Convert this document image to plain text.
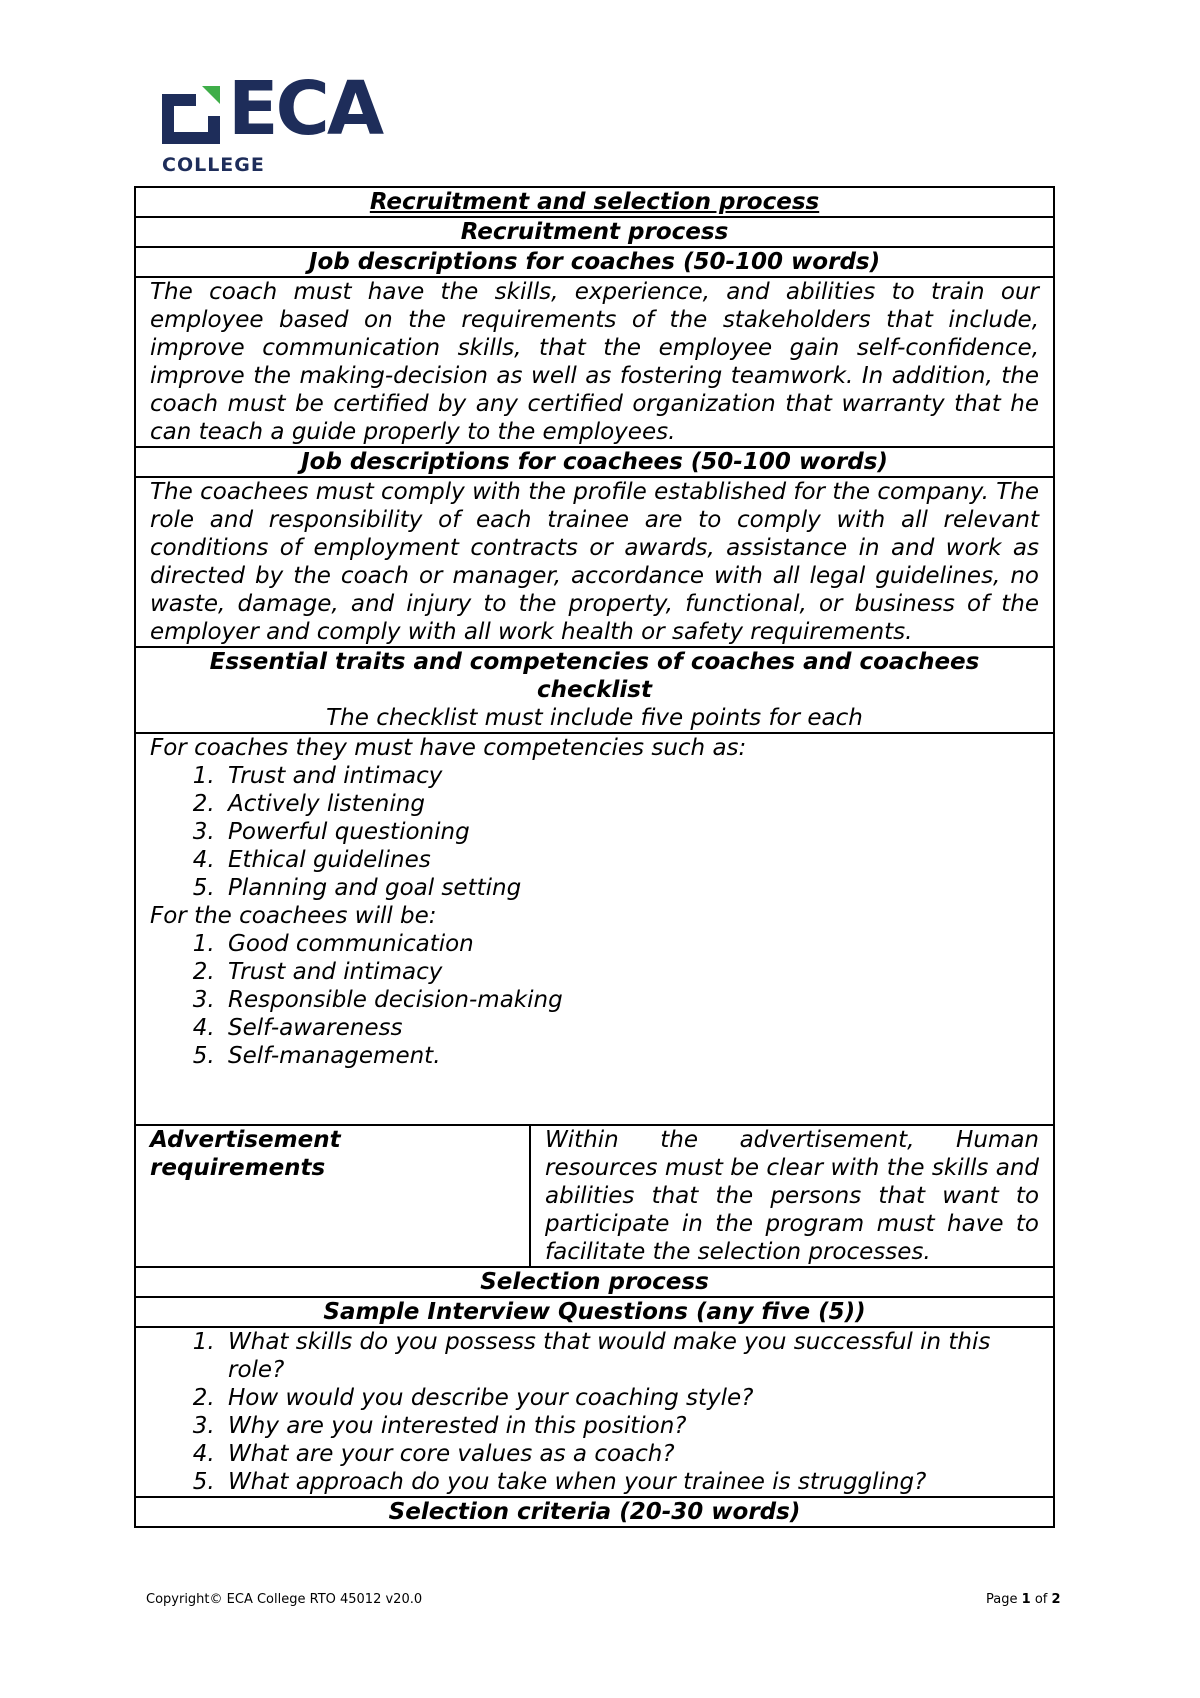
ECA
COLLEGE
Recruitment and selection process
Recruitment process
Job descriptions for coaches (50-100 words)
The coach must have the skills, experience, and abilities to train our employee based on the requirements of the stakeholders that include, improve communication skills, that the employee gain self-confidence, improve the making-decision as well as fostering teamwork. In addition, the coach must be certified by any certified organization that warranty that he can teach a guide properly to the employees.
Job descriptions for coachees (50-100 words)
The coachees must comply with the profile established for the company. The role and responsibility of each trainee are to comply with all relevant conditions of employment contracts or awards, assistance in and work as directed by the coach or manager, accordance with all legal guidelines, no waste, damage, and injury to the property, functional, or business of the employer and comply with all work health or safety requirements.

Essential traits and competencies of coaches and coachees checklist

The checklist must include five points for each

For coaches they must have competencies such as:

1. Trust and intimacy
2. Actively listening
3. Powerful questioning
4. Ethical guidelines
5. Planning and goal setting

For the coachees will be:

1. Good communication
2. Trust and intimacy
3. Responsible decision-making
4. Self-awareness
5. Self-management.

Advertisement requirements	Within the advertisement, Human resources must be clear with the skills and abilities that the persons that want to participate in the program must have to facilitate the selection processes.
Selection process
Sample Interview Questions (any five (5))

1. What skills do you possess that would make you successful in this role?
2. How would you describe your coaching style?
3. Why are you interested in this position?
4. What are your core values as a coach?
5. What approach do you take when your trainee is struggling?

Selection criteria (20-30 words)
Copyright© ECA College RTO 45012 v20.0	Page 1 of 2
